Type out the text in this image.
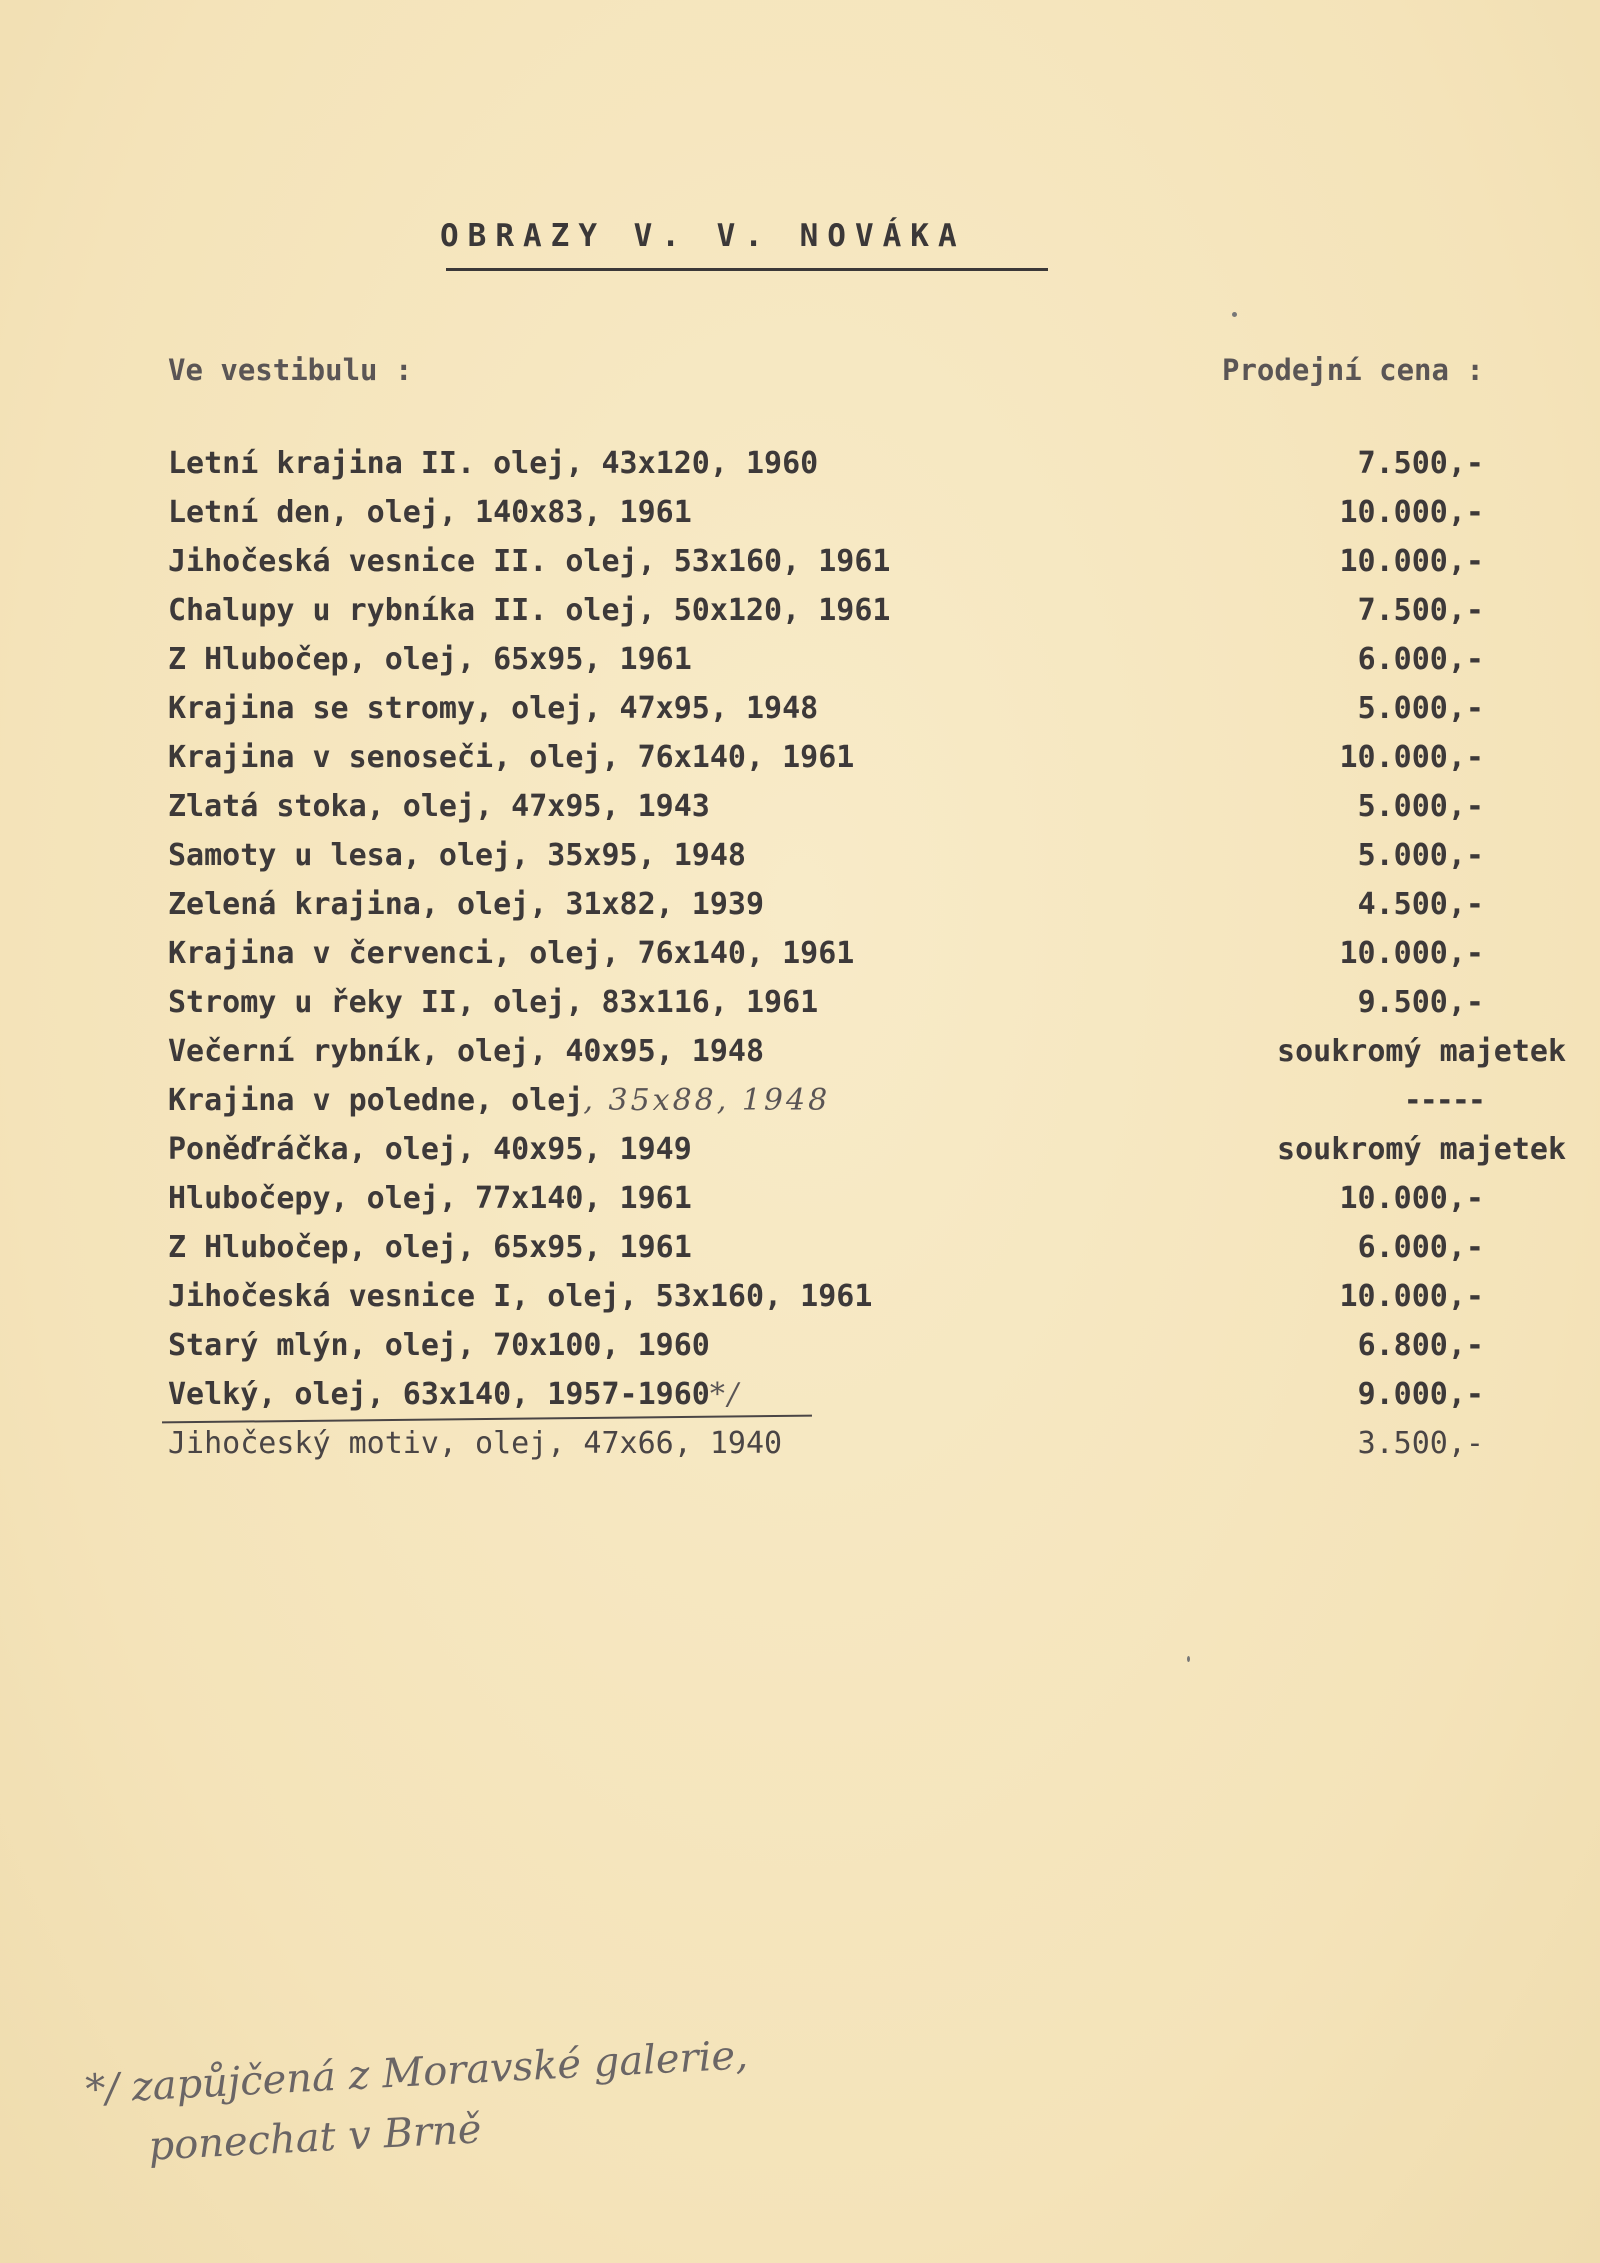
OBRAZY V. V. NOVÁKA
Ve vestibulu :	Prodejní cena :
Letní krajina II. olej, 43x120, 1960	7.500,-
Letní den, olej, 140x83, 1961	10.000,-
Jihočeská vesnice II. olej, 53x160, 1961	10.000,-
Chalupy u rybníka II. olej, 50x120, 1961	7.500,-
Z Hlubočep, olej, 65x95, 1961	6.000,-
Krajina se stromy, olej, 47x95, 1948	5.000,-
Krajina v senoseči, olej, 76x140, 1961	10.000,-
Zlatá stoka, olej, 47x95, 1943	5.000,-
Samoty u lesa, olej, 35x95, 1948	5.000,-
Zelená krajina, olej, 31x82, 1939	4.500,-
Krajina v červenci, olej, 76x140, 1961	10.000,-
Stromy u řeky II, olej, 83x116, 1961	9.500,-
Večerní rybník, olej, 40x95, 1948	soukromý majetek
Krajina v poledne, olej, 35x88, 1948	-----
Poněďráčka, olej, 40x95, 1949	soukromý majetek
Hlubočepy, olej, 77x140, 1961	10.000,-
Z Hlubočep, olej, 65x95, 1961	6.000,-
Jihočeská vesnice I, olej, 53x160, 1961	10.000,-
Starý mlýn, olej, 70x100, 1960	6.800,-
Velký, olej, 63x140, 1957-1960*/	9.000,-
Jihočeský motiv, olej, 47x66, 1940	3.500,-
*/ zapůjčená z Moravské galerie,
ponechat v Brně
